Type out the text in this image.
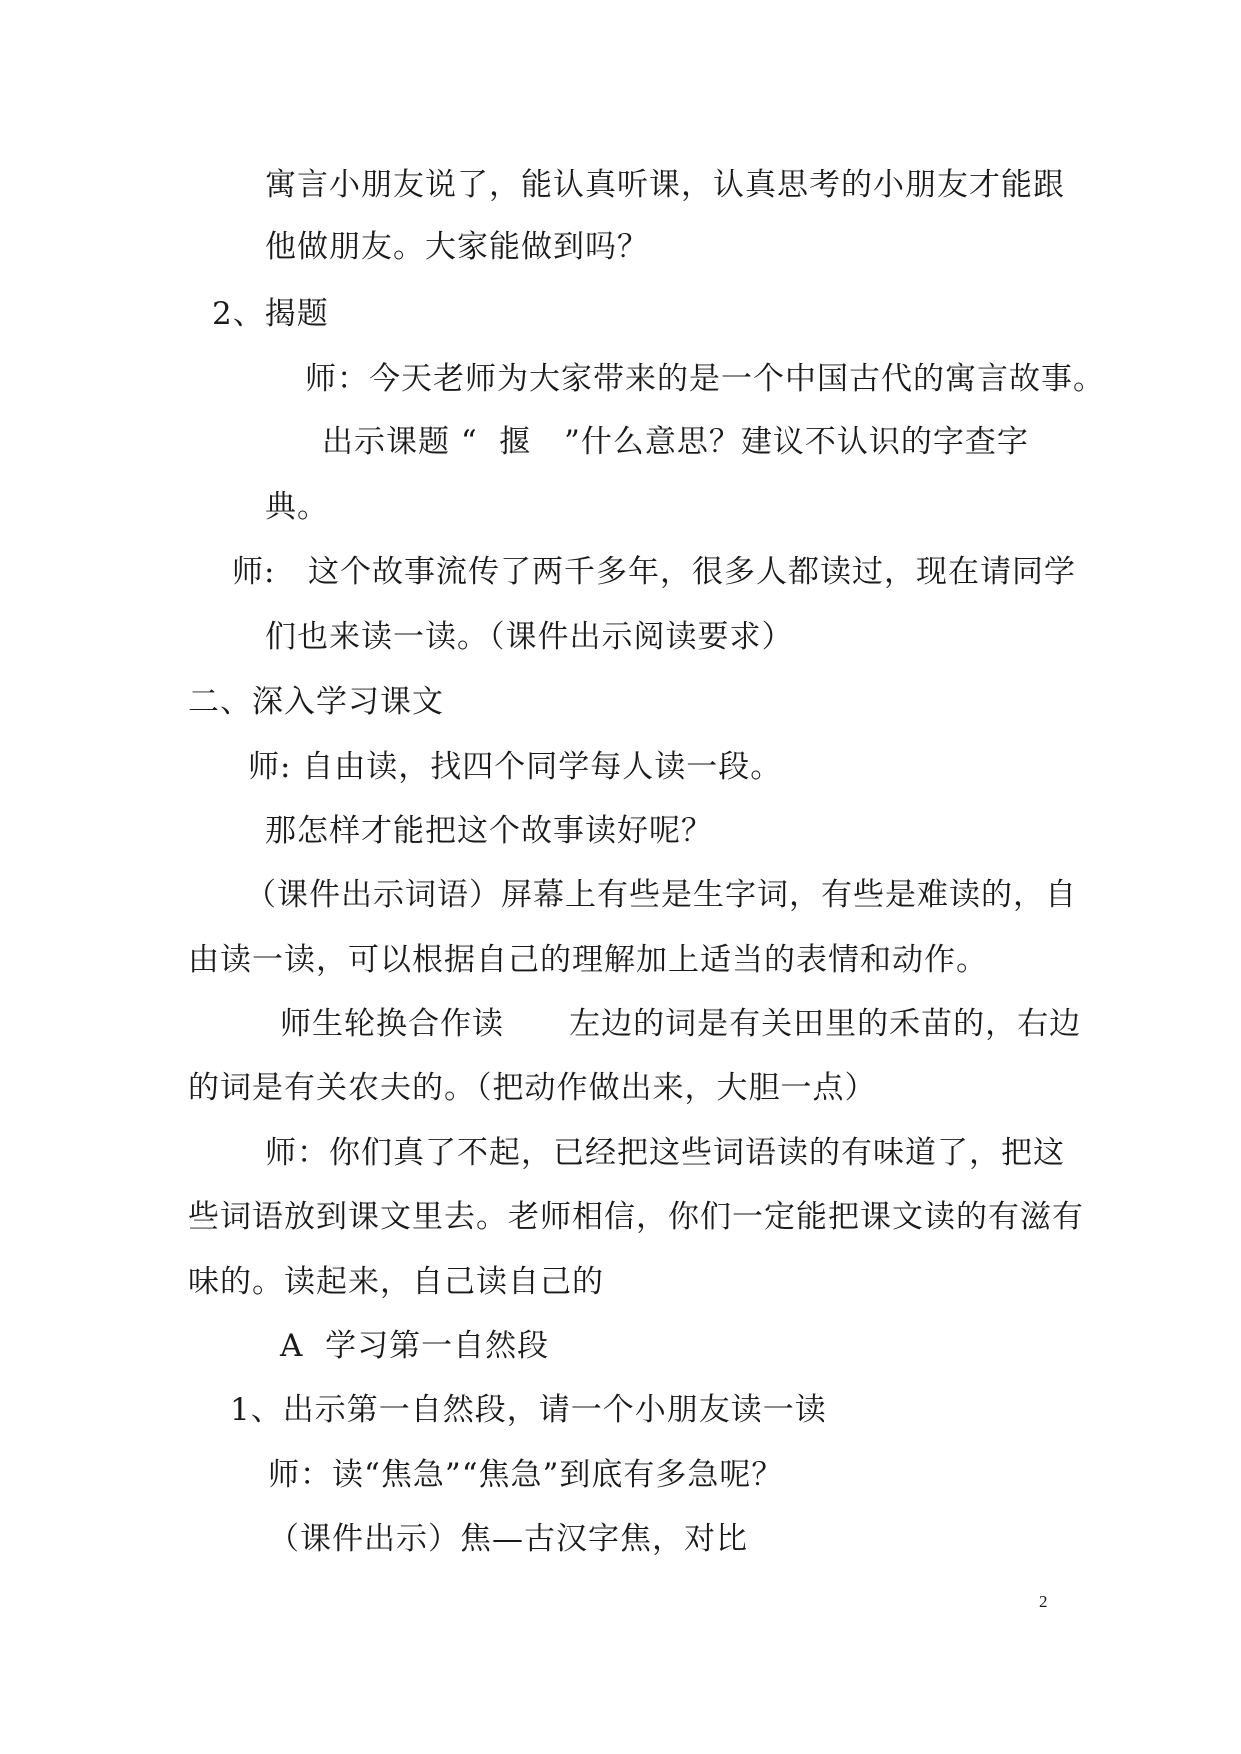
寓言小朋友说了，能认真听课，认真思考的小朋友才能跟
他做朋友。大家能做到吗？
2、揭题
师：今天老师为大家带来的是一个中国古代的寓言故事。
出示课题 “  揠   ”什么意思？建议不认识的字查字
典。
师:   这个故事流传了两千多年，很多人都读过，现在请同学
们也来读一读。（课件出示阅读要求）
二、深入学习课文
师: 自由读，找四个同学每人读一段。
那怎样才能把这个故事读好呢？
（课件出示词语）屏幕上有些是生字词，有些是难读的，自
由读一读，可以根据自己的理解加上适当的表情和动作。
师生轮换合作读      左边的词是有关田里的禾苗的，右边
的词是有关农夫的。（把动作做出来，大胆一点）
师：你们真了不起，已经把这些词语读的有味道了，把这
些词语放到课文里去。老师相信，你们一定能把课文读的有滋有
味的。读起来，自己读自己的
A  学习第一自然段
1、出示第一自然段，请一个小朋友读一读
师：读“焦急”“焦急”到底有多急呢？
（课件出示）焦—古汉字焦，对比
2
